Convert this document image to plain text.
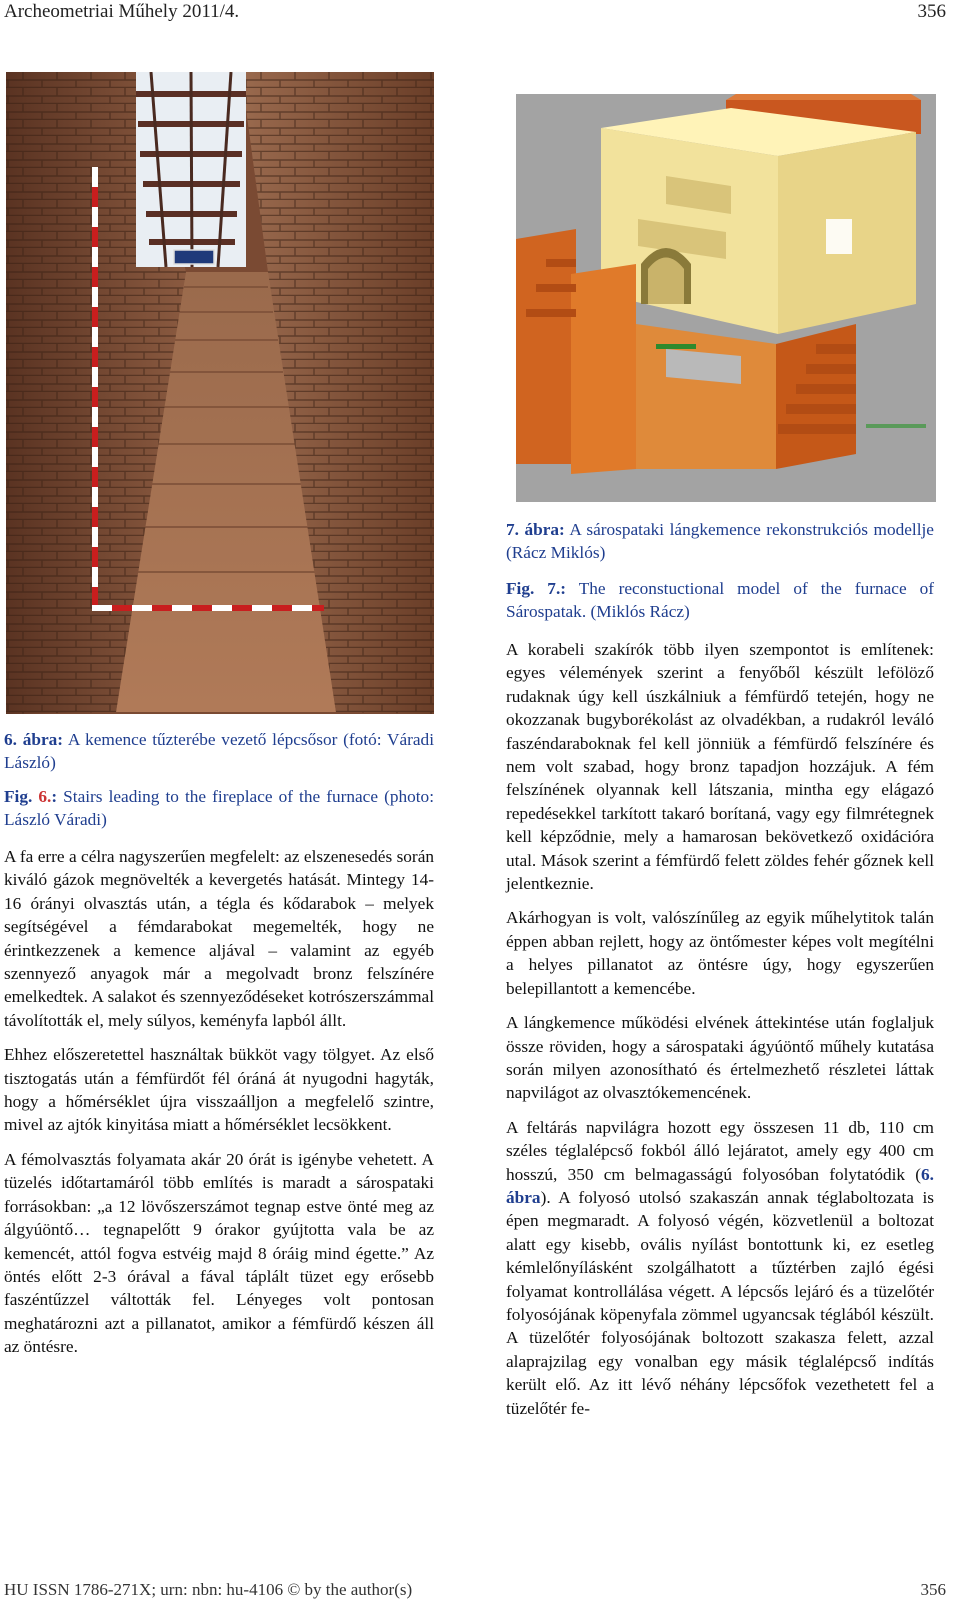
Archeometriai Műhely 2011/4.	356

6. ábra: A kemence tűzterébe vezető lépcsősor (fotó: Váradi László)

Fig. 6.: Stairs leading to the fireplace of the furnace (photo: László Váradi)

7. ábra: A sárospataki lángkemence rekonstrukciós modellje (Rácz Miklós)

Fig. 7.: The reconstuctional model of the furnace of Sárospatak. (Miklós Rácz)

A fa erre a célra nagyszerűen megfelelt: az elszenesedés során kiváló gázok megnövelték a kevergetés hatását. Mintegy 14-16 órányi olvasztás után, a tégla és kődarabok – melyek segítségével a fémdarabokat megemelték, hogy ne érintkezzenek a kemence aljával – valamint az egyéb szennyező anyagok már a megolvadt bronz felszínére emelkedtek. A salakot és szennyeződéseket kotrószerszámmal távolították el, mely súlyos, keményfa lapból állt.

Ehhez előszeretettel használtak bükköt vagy tölgyet. Az első tisztogatás után a fémfürdőt fél óráná át nyugodni hagyták, hogy a hőmérséklet újra visszaálljon a megfelelő szintre, mivel az ajtók kinyitása miatt a hőmérséklet lecsökkent.

A fémolvasztás folyamata akár 20 órát is igénybe vehetett. A tüzelés időtartamáról több említés is maradt a sárospataki forrásokban: „a 12 lövőszerszámot tegnap estve önté meg az álgyúöntő… tegnapelőtt 9 órakor gyújtotta vala be az kemencét, attól fogva estvéig majd 8 óráig mind égette.” Az öntés előtt 2-3 órával a fával táplált tüzet egy erősebb faszéntűzzel váltották fel. Lényeges volt pontosan meghatározni azt a pillanatot, amikor a fémfürdő készen áll az öntésre.

A korabeli szakírók több ilyen szempontot is említenek: egyes vélemények szerint a fenyőből készült lefölöző rudaknak úgy kell úszkálniuk a fémfürdő tetején, hogy ne okozzanak bugyborékolást az olvadékban, a rudakról leváló faszéndaraboknak fel kell jönniük a fémfürdő felszínére és nem volt szabad, hogy bronz tapadjon hozzájuk. A fém felszínének olyannak kell látszania, mintha egy elágazó repedésekkel tarkított takaró borítaná, vagy egy filmrétegnek kell képződnie, mely a hamarosan bekövetkező oxidációra utal. Mások szerint a fémfürdő felett zöldes fehér gőznek kell jelentkeznie.

Akárhogyan is volt, valószínűleg az egyik műhelytitok talán éppen abban rejlett, hogy az öntőmester képes volt megítélni a helyes pillanatot az öntésre úgy, hogy egyszerűen belepillantott a kemencébe.

A lángkemence működési elvének áttekintése után foglaljuk össze röviden, hogy a sárospataki ágyúöntő műhely kutatása során milyen azonosítható és értelmezhető részletei láttak napvilágot az olvasztókemencének.

A feltárás napvilágra hozott egy összesen 11 db, 110 cm széles téglalépcső fokból álló lejáratot, amely egy 400 cm hosszú, 350 cm belmagasságú folyosóban folytatódik (6. ábra). A folyosó utolsó szakaszán annak téglaboltozata is épen megmaradt. A folyosó végén, közvetlenül a boltozat alatt egy kisebb, ovális nyílást bontottunk ki, ez esetleg kémlelőnyílásként szolgálhatott a tűztérben zajló égési folyamat kontrollálása végett. A lépcsős lejáró és a tüzelőtér folyosójának köpenyfala zömmel ugyancsak téglából készült. A tüzelőtér folyosójának boltozott szakasza felett, azzal alaprajzilag egy vonalban egy másik téglalépcső indítás került elő. Az itt lévő néhány lépcsőfok vezethetett fel a tüzelőtér fe-

HU ISSN 1786-271X; urn: nbn: hu-4106 © by the author(s)	356
